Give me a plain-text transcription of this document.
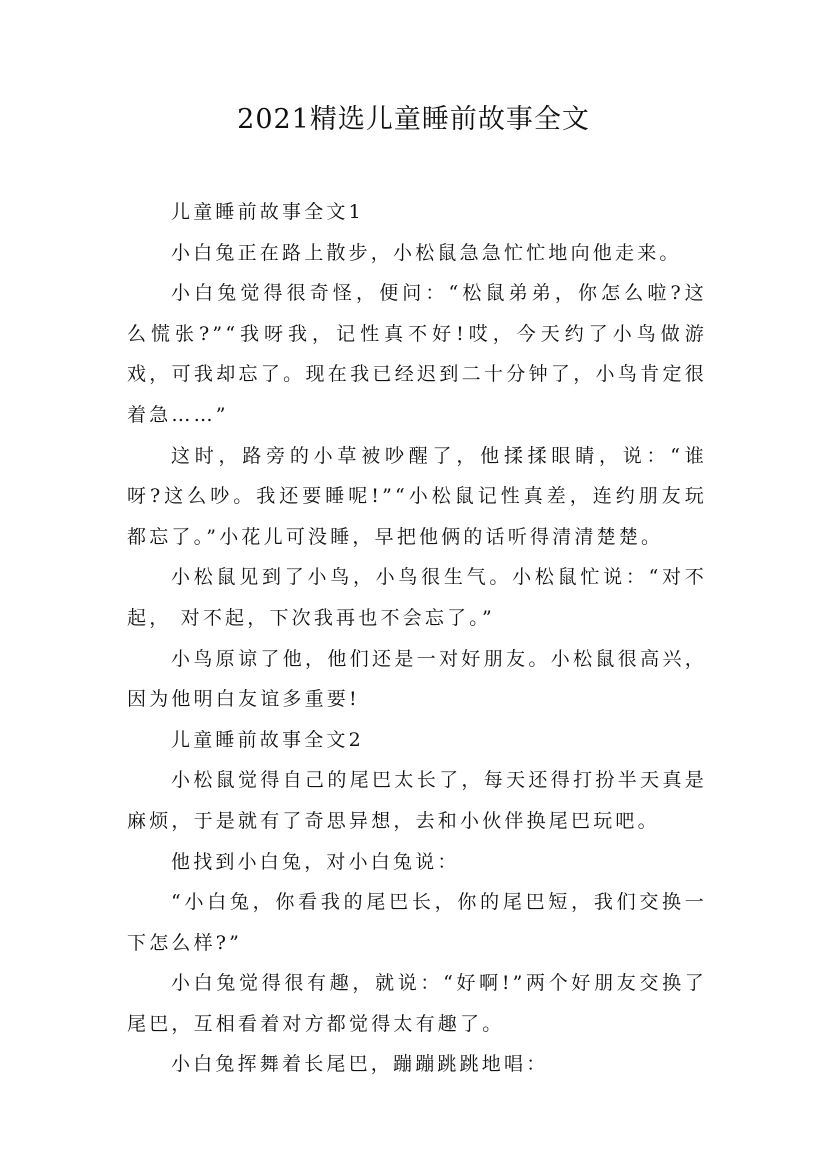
2021精选儿童睡前故事全文

儿童睡前故事全文1

小白兔正在路上散步，小松鼠急急忙忙地向他走来。

小白兔觉得很奇怪，便问：“松鼠弟弟，你怎么啦?这么慌张?”“我呀我，记性真不好!哎，今天约了小鸟做游戏，可我却忘了。现在我已经迟到二十分钟了，小鸟肯定很着急……”

这时，路旁的小草被吵醒了，他揉揉眼睛，说：“谁呀?这么吵。我还要睡呢!”“小松鼠记性真差，连约朋友玩都忘了。”小花儿可没睡，早把他俩的话听得清清楚楚。

小松鼠见到了小鸟，小鸟很生气。小松鼠忙说：“对不起， 对不起，下次我再也不会忘了。”

小鸟原谅了他，他们还是一对好朋友。小松鼠很高兴，因为他明白友谊多重要!

儿童睡前故事全文2

小松鼠觉得自己的尾巴太长了，每天还得打扮半天真是麻烦，于是就有了奇思异想，去和小伙伴换尾巴玩吧。

他找到小白兔，对小白兔说：

“小白兔，你看我的尾巴长，你的尾巴短，我们交换一下怎么样?”

小白兔觉得很有趣，就说：“好啊!”两个好朋友交换了尾巴，互相看着对方都觉得太有趣了。

小白兔挥舞着长尾巴，蹦蹦跳跳地唱：
